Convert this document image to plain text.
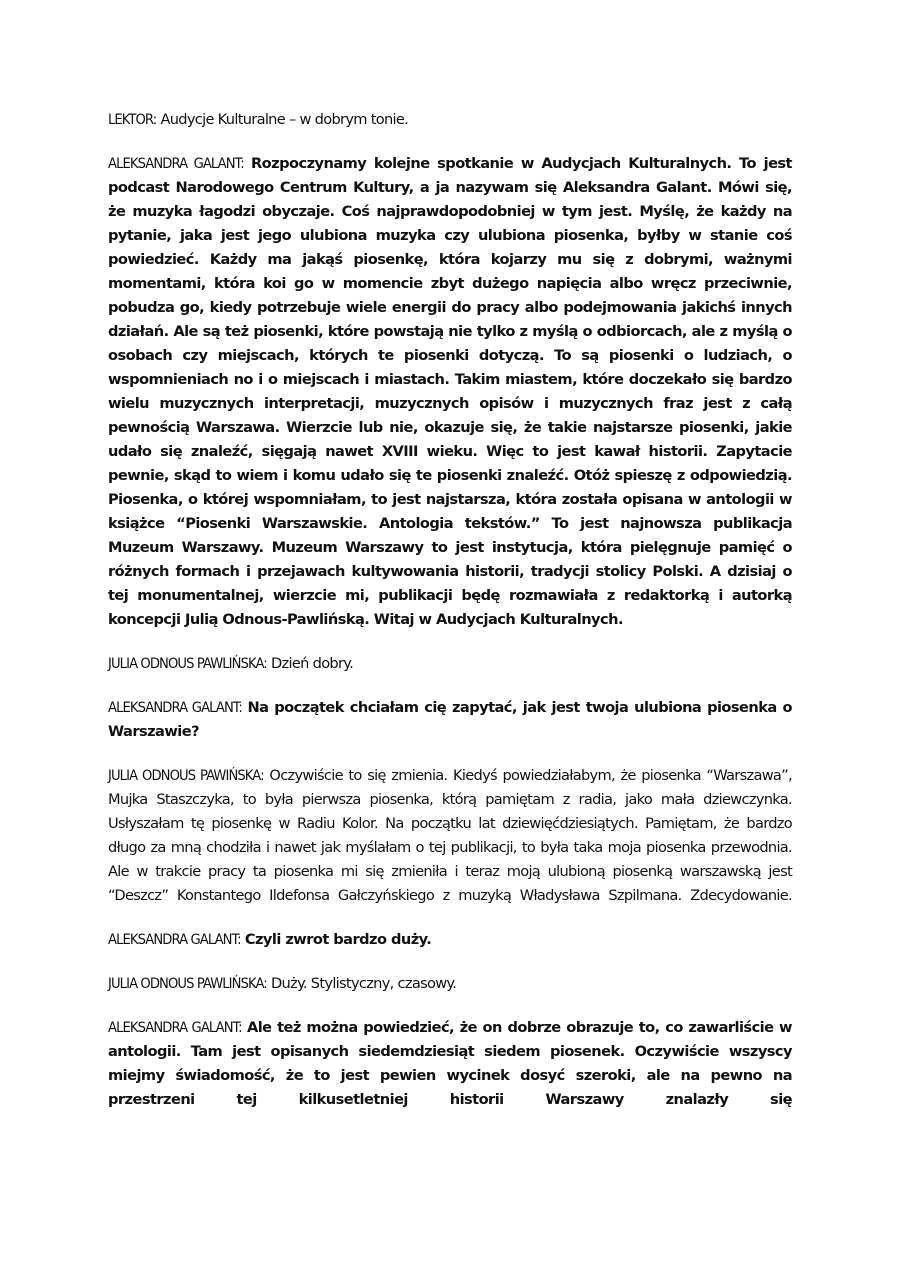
LEKTOR: Audycje Kulturalne – w dobrym tonie.

ALEKSANDRA GALANT: Rozpoczynamy kolejne spotkanie w Audycjach Kulturalnych. To jest podcast Narodowego Centrum Kultury, a ja nazywam się Aleksandra Galant. Mówi się, że muzyka łagodzi obyczaje. Coś najprawdopodobniej w tym jest. Myślę, że każdy na pytanie, jaka jest jego ulubiona muzyka czy ulubiona piosenka, byłby w stanie coś powiedzieć. Każdy ma jakąś piosenkę, która kojarzy mu się z dobrymi, ważnymi momentami, która koi go w momencie zbyt dużego napięcia albo wręcz przeciwnie, pobudza go, kiedy potrzebuje wiele energii do pracy albo podejmowania jakichś innych działań. Ale są też piosenki, które powstają nie tylko z myślą o odbiorcach, ale z myślą o osobach czy miejscach, których te piosenki dotyczą. To są piosenki o ludziach, o wspomnieniach no i o miejscach i miastach. Takim miastem, które doczekało się bardzo wielu muzycznych interpretacji, muzycznych opisów i muzycznych fraz jest z całą pewnością Warszawa. Wierzcie lub nie, okazuje się, że takie najstarsze piosenki, jakie udało się znaleźć, sięgają nawet XVIII wieku. Więc to jest kawał historii. Zapytacie pewnie, skąd to wiem i komu udało się te piosenki znaleźć. Otóż spieszę z odpowiedzią. Piosenka, o której wspomniałam, to jest najstarsza, która została opisana w antologii w książce “Piosenki Warszawskie. Antologia tekstów.” To jest najnowsza publikacja Muzeum Warszawy. Muzeum Warszawy to jest instytucja, która pielęgnuje pamięć o różnych formach i przejawach kultywowania historii, tradycji stolicy Polski. A dzisiaj o tej monumentalnej, wierzcie mi, publikacji będę rozmawiała z redaktorką i autorką koncepcji Julią Odnous-Pawlińską. Witaj w Audycjach Kulturalnych.

JULIA ODNOUS PAWLIŃSKA: Dzień dobry.

ALEKSANDRA GALANT: Na początek chciałam cię zapytać, jak jest twoja ulubiona piosenka o Warszawie?

JULIA ODNOUS PAWIŃSKA: Oczywiście to się zmienia. Kiedyś powiedziałabym, że piosenka “Warszawa”, Mujka Staszczyka, to była pierwsza piosenka, którą pamiętam z radia, jako mała dziewczynka. Usłyszałam tę piosenkę w Radiu Kolor. Na początku lat dziewięćdziesiątych. Pamiętam, że bardzo długo za mną chodziła i nawet jak myślałam o tej publikacji, to była taka moja piosenka przewodnia. Ale w trakcie pracy ta piosenka mi się zmieniła i teraz moją ulubioną piosenką warszawską jest “Deszcz” Konstantego Ildefonsa Gałczyńskiego z muzyką Władysława Szpilmana. Zdecydowanie.

ALEKSANDRA GALANT: Czyli zwrot bardzo duży.

JULIA ODNOUS PAWLIŃSKA: Duży. Stylistyczny, czasowy.

ALEKSANDRA GALANT: Ale też można powiedzieć, że on dobrze obrazuje to, co zawarliście w antologii. Tam jest opisanych siedemdziesiąt siedem piosenek. Oczywiście wszyscy miejmy świadomość, że to jest pewien wycinek dosyć szeroki, ale na pewno na przestrzeni tej kilkusetletniej historii Warszawy znalazły się
